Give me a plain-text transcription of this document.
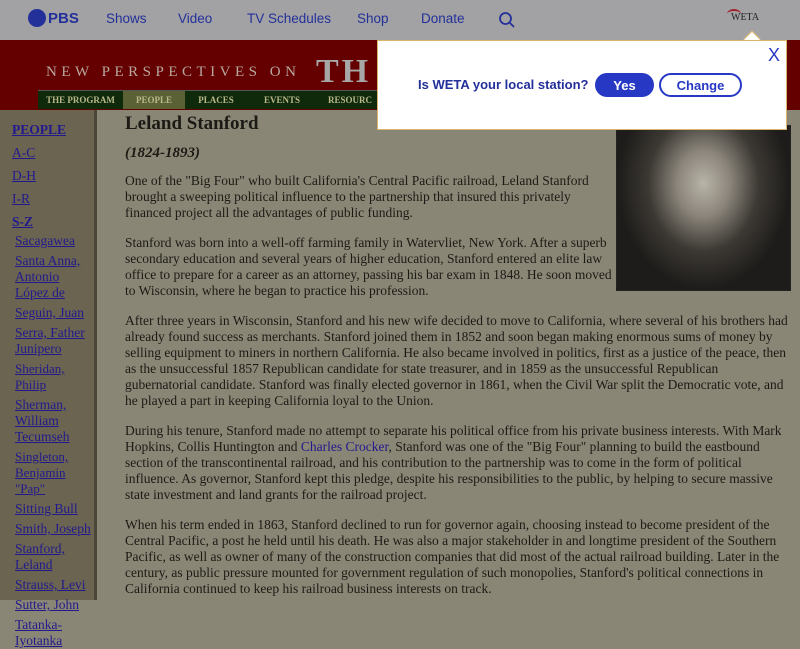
PBS Shows Video	TV Schedules Shop Donate	WETA
NEW PERSPECTIVES ON TH
THE PROGRAM	PEOPLE	PLACES	EVENTS	RESOURC
PEOPLE
A-C
D-H
I-R
S-Z
Sacagawea
Santa Anna, Antonio López de
Seguin, Juan
Serra, Father Junipero
Sheridan, Philip
Sherman, William Tecumseh
Singleton, Benjamin "Pap"
Sitting Bull
Smith, Joseph
Stanford, Leland
Strauss, Levi
Sutter, John
Tatanka-Iyotanka
Leland Stanford
(1824-1893)

One of the "Big Four" who built California's Central Pacific railroad, Leland Stanford brought a sweeping political influence to the partnership that insured this privately financed project all the advantages of public funding.

Stanford was born into a well-off farming family in Watervliet, New York. After a superb secondary education and several years of higher education, Stanford entered an elite law office to prepare for a career as an attorney, passing his bar exam in 1848. He soon moved to Wisconsin, where he began to practice his profession.

After three years in Wisconsin, Stanford and his new wife decided to move to California, where several of his brothers had already found success as merchants. Stanford joined them in 1852 and soon began making enormous sums of money by selling equipment to miners in northern California. He also became involved in politics, first as a justice of the peace, then as the unsuccessful 1857 Republican candidate for state treasurer, and in 1859 as the unsuccessful Republican gubernatorial candidate. Stanford was finally elected governor in 1861, when the Civil War split the Democratic vote, and he played a part in keeping California loyal to the Union.

During his tenure, Stanford made no attempt to separate his political office from his private business interests. With Mark Hopkins, Collis Huntington and Charles Crocker, Stanford was one of the "Big Four" planning to build the eastbound section of the transcontinental railroad, and his contribution to the partnership was to come in the form of political influence. As governor, Stanford kept this pledge, despite his responsibilities to the public, by helping to secure massive state investment and land grants for the railroad project.

When his term ended in 1863, Stanford declined to run for governor again, choosing instead to become president of the Central Pacific, a post he held until his death. He was also a major stakeholder in and longtime president of the Southern Pacific, as well as owner of many of the construction companies that did most of the actual railroad building. Later in the century, as public pressure mounted for government regulation of such monopolies, Stanford's political connections in California continued to keep his railroad business interests on track.

X
Is WETA your local station?	Yes	Change
